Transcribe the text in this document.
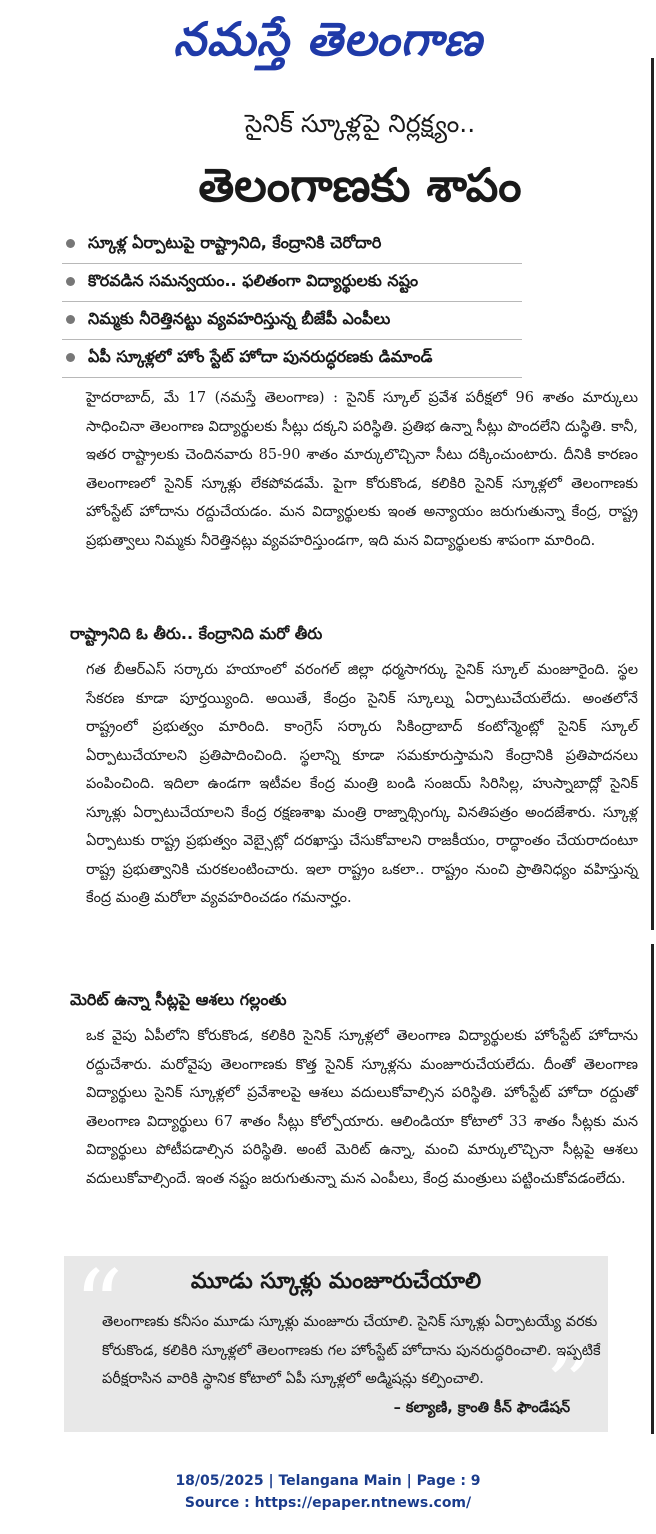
నమస్తే తెలంగాణ
సైనిక్ స్కూళ్లపై నిర్లక్ష్యం..
తెలంగాణకు శాపం
స్కూళ్ల ఏర్పాటుపై రాష్ట్రానిది, కేంద్రానికి చెరోదారి
కొరవడిన సమన్వయం.. ఫలితంగా విద్యార్థులకు నష్టం
నిమ్మకు నీరెత్తినట్టు వ్యవహరిస్తున్న బీజేపీ ఎంపీలు
ఏపీ స్కూళ్లలో హోం స్టేట్ హోదా పునరుద్ధరణకు డిమాండ్

హైదరాబాద్, మే 17 (నమస్తే తెలంగాణ) : సైనిక్ స్కూల్ ప్రవేశ పరీక్షలో 96 శాతం మార్కులు సాధించినా తెలంగాణ విద్యార్థులకు సీట్లు దక్కని పరిస్థితి. ప్రతిభ ఉన్నా సీట్లు పొందలేని దుస్థితి. కానీ, ఇతర రాష్ట్రాలకు చెందినవారు 85-90 శాతం మార్కులొచ్చినా సీటు దక్కించుంటారు. దీనికి కారణం తెలంగాణలో సైనిక్ స్కూళ్లు లేకపోవడమే. పైగా కోరుకొండ, కలికిరి సైనిక్ స్కూళ్లలో తెలంగాణకు హోంస్టేట్ హోదాను రద్దుచేయడం. మన విద్యార్థులకు ఇంత అన్యాయం జరుగుతున్నా కేంద్ర, రాష్ట్ర ప్రభుత్వాలు నిమ్మకు నీరెత్తినట్లు వ్యవహరిస్తుండగా, ఇది మన విద్యార్థులకు శాపంగా మారింది.

రాష్ట్రానిది ఓ తీరు.. కేంద్రానిది మరో తీరు

గత బీఆర్ఎస్ సర్కారు హయాంలో వరంగల్ జిల్లా ధర్మసాగర్కు సైనిక్ స్కూల్ మంజూరైంది. స్థల సేకరణ కూడా పూర్తయ్యింది. అయితే, కేంద్రం సైనిక్ స్కూల్ను ఏర్పాటుచేయలేదు. అంతలోనే రాష్ట్రంలో ప్రభుత్వం మారింది. కాంగ్రెస్ సర్కారు సికింద్రాబాద్ కంటోన్మెంట్లో సైనిక్ స్కూల్ ఏర్పాటుచేయాలని ప్రతిపాదించింది. స్థలాన్ని కూడా సమకూరుస్తామని కేంద్రానికి ప్రతిపాదనలు పంపించింది. ఇదిలా ఉండగా ఇటీవల కేంద్ర మంత్రి బండి సంజయ్ సిరిసిల్ల, హుస్నాబాద్లో సైనిక్ స్కూళ్లు ఏర్పాటుచేయాలని కేంద్ర రక్షణశాఖ మంత్రి రాజ్నాథ్సింగ్కు వినతిపత్రం అందజేశారు. స్కూళ్ల ఏర్పాటుకు రాష్ట్ర ప్రభుత్వం వెబ్సైట్లో దరఖాస్తు చేసుకోవాలని రాజకీయం, రాద్ధాంతం చేయరాదంటూ రాష్ట్ర ప్రభుత్వానికి చురకలంటించారు. ఇలా రాష్ట్రం ఒకలా.. రాష్ట్రం నుంచి ప్రాతినిధ్యం వహిస్తున్న కేంద్ర మంత్రి మరోలా వ్యవహరించడం గమనార్హం.

మెరిట్ ఉన్నా సీట్లపై ఆశలు గల్లంతు

ఒక వైపు ఏపీలోని కోరుకొండ, కలికిరి సైనిక్ స్కూళ్లలో తెలంగాణ విద్యార్థులకు హోంస్టేట్ హోదాను రద్దుచేశారు. మరోవైపు తెలంగాణకు కొత్త సైనిక్ స్కూళ్లను మంజూరుచేయలేదు. దీంతో తెలంగాణ విద్యార్థులు సైనిక్ స్కూళ్లలో ప్రవేశాలపై ఆశలు వదులుకోవాల్సిన పరిస్థితి. హోంస్టేట్ హోదా రద్దుతో తెలంగాణ విద్యార్థులు 67 శాతం సీట్లు కోల్పోయారు. ఆలిండియా కోటాలో 33 శాతం సీట్లకు మన విద్యార్థులు పోటీపడాల్సిన పరిస్థితి. అంటే మెరిట్ ఉన్నా, మంచి మార్కులొచ్చినా సీట్లపై ఆశలు వదులుకోవాల్సిందే. ఇంత నష్టం జరుగుతున్నా మన ఎంపీలు, కేంద్ర మంత్రులు పట్టించుకోవడంలేదు.

“
”
మూడు స్కూళ్లు మంజూరుచేయాలి

తెలంగాణకు కనీసం మూడు స్కూళ్లు మంజూరు చేయాలి. సైనిక్ స్కూళ్లు ఏర్పాటయ్యే వరకు కోరుకొండ, కలికిరి స్కూళ్లలో తెలంగాణకు గల హోంస్టేట్ హోదాను పునరుద్ధరించాలి. ఇప్పటికే పరీక్షరాసిన వారికి స్థానిక కోటాలో ఏపీ స్కూళ్లలో అడ్మిషన్లు కల్పించాలి.

– కల్యాణి, క్రాంతి కీన్ ఫౌండేషన్
18/05/2025 | Telangana Main | Page : 9
Source : https://epaper.ntnews.com/
